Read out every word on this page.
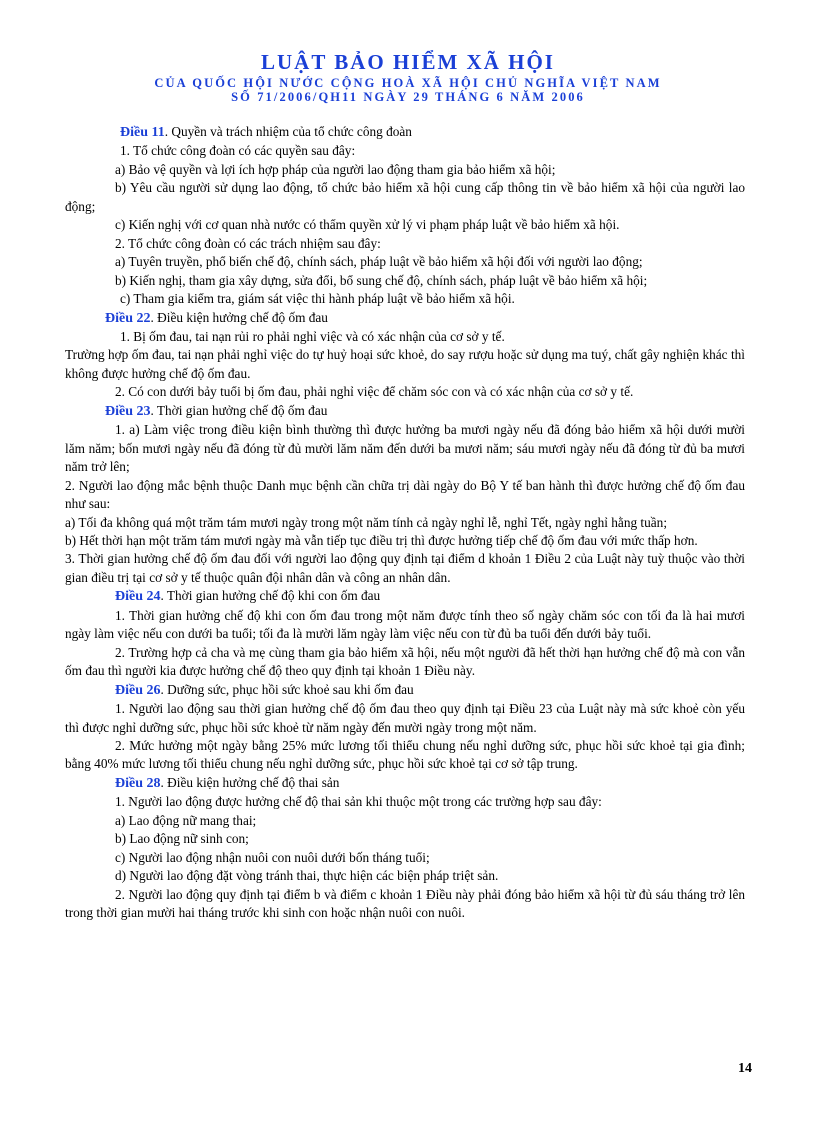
LUẬT BẢO HIỂM XÃ HỘI

CỦA QUỐC HỘI NƯỚC CỘNG HOÀ XÃ HỘI CHỦ NGHĨA VIỆT NAM

SỐ 71/2006/QH11 NGÀY 29 THÁNG 6 NĂM 2006

Điều 11. Quyền và trách nhiệm của tổ chức công đoàn

1. Tổ chức công đoàn có các quyền sau đây:

a) Bảo vệ quyền và lợi ích hợp pháp của người lao động tham gia bảo hiểm xã hội;

b) Yêu cầu người sử dụng lao động, tổ chức bảo hiểm xã hội cung cấp thông tin về bảo hiểm xã hội của người lao động;

c) Kiến nghị với cơ quan nhà nước có thẩm quyền xử lý vi phạm pháp luật về bảo hiểm xã hội.

2. Tổ chức công đoàn có các trách nhiệm sau đây:

a) Tuyên truyền, phổ biến chế độ, chính sách, pháp luật về bảo hiểm xã hội đối với người lao động;

b) Kiến nghị, tham gia xây dựng, sửa đổi, bổ sung chế độ, chính sách, pháp luật về bảo hiểm xã hội;

c) Tham gia kiểm tra, giám sát việc thi hành pháp luật về bảo hiểm xã hội.

Điều 22. Điều kiện hưởng chế độ ốm đau

1. Bị ốm đau, tai nạn rủi ro phải nghỉ việc và có xác nhận của cơ sở y tế.

Trường hợp ốm đau, tai nạn phải nghỉ việc do tự huỷ hoại sức khoẻ, do say rượu hoặc sử dụng ma tuý, chất gây nghiện khác thì không được hưởng chế độ ốm đau.

2. Có con dưới bảy tuổi bị ốm đau, phải nghỉ việc để chăm sóc con và có xác nhận của cơ sở y tế.

Điều 23. Thời gian hưởng chế độ ốm đau

1. a) Làm việc trong điều kiện bình thường thì được hưởng ba mươi ngày nếu đã đóng bảo hiểm xã hội dưới mười lăm năm; bốn mươi ngày nếu đã đóng từ đủ mười lăm năm đến dưới ba mươi năm; sáu mươi ngày nếu đã đóng từ đủ ba mươi năm trở lên;

2. Người lao động mắc bệnh thuộc Danh mục bệnh cần chữa trị dài ngày do Bộ Y tế ban hành thì được hưởng chế độ ốm đau như sau:

a) Tối đa không quá một trăm tám mươi ngày trong một năm tính cả ngày nghỉ lễ, nghỉ Tết, ngày nghỉ hằng tuần;

b) Hết thời hạn một trăm tám mươi ngày mà vẫn tiếp tục điều trị thì được hưởng tiếp chế độ ốm đau với mức thấp hơn.

3. Thời gian hưởng chế độ ốm đau đối với người lao động quy định tại điểm d khoản 1 Điều 2 của Luật này tuỳ thuộc vào thời gian điều trị tại cơ sở y tế thuộc quân đội nhân dân và công an nhân dân.

Điều 24. Thời gian hưởng chế độ khi con ốm đau

1. Thời gian hưởng chế độ khi con ốm đau trong một năm được tính theo số ngày chăm sóc con tối đa là hai mươi ngày làm việc nếu con dưới ba tuổi; tối đa là mười lăm ngày làm việc nếu con từ đủ ba tuổi đến dưới bảy tuổi.

2. Trường hợp cả cha và mẹ cùng tham gia bảo hiểm xã hội, nếu một người đã hết thời hạn hưởng chế độ mà con vẫn ốm đau thì người kia được hưởng chế độ theo quy định tại khoản 1 Điều này.

Điều 26. Dưỡng sức, phục hồi sức khoẻ sau khi ốm đau

1. Người lao động sau thời gian hưởng chế độ ốm đau theo quy định tại Điều 23 của Luật này mà sức khoẻ còn yếu thì được nghỉ dưỡng sức, phục hồi sức khoẻ từ năm ngày đến mười ngày trong một năm.

2. Mức hưởng một ngày bằng 25% mức lương tối thiểu chung nếu nghỉ dưỡng sức, phục hồi sức khoẻ tại gia đình; bằng 40% mức lương tối thiểu chung nếu nghỉ dưỡng sức, phục hồi sức khoẻ tại cơ sở tập trung.

Điều 28. Điều kiện hưởng chế độ thai sản

1. Người lao động được hưởng chế độ thai sản khi thuộc một trong các trường hợp sau đây:

a) Lao động nữ mang thai;

b) Lao động nữ sinh con;

c) Người lao động nhận nuôi con nuôi dưới bốn tháng tuổi;

d) Người lao động đặt vòng tránh thai, thực hiện các biện pháp triệt sản.

2. Người lao động quy định tại điểm b và điểm c khoản 1 Điều này phải đóng bảo hiểm xã hội từ đủ sáu tháng trở lên trong thời gian mười hai tháng trước khi sinh con hoặc nhận nuôi con nuôi.

14
